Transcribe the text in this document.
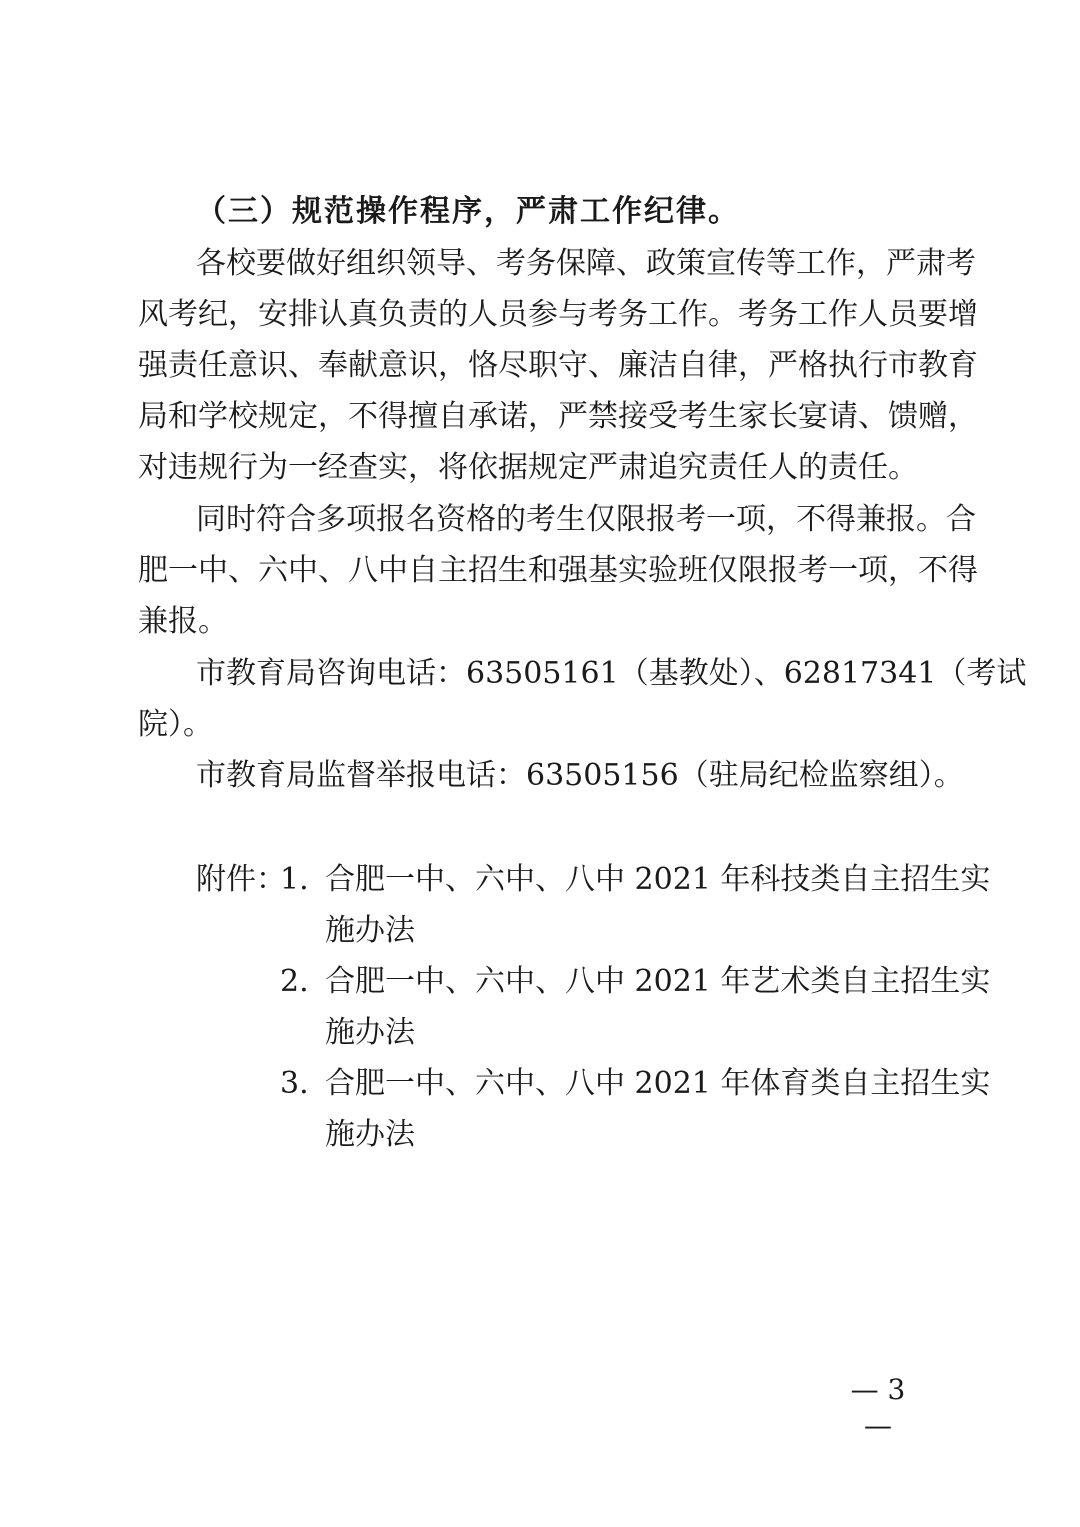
（三）规范操作程序，严肃工作纪律。
各校要做好组织领导、考务保障、政策宣传等工作，严肃考
风考纪，安排认真负责的人员参与考务工作。考务工作人员要增
强责任意识、奉献意识，恪尽职守、廉洁自律，严格执行市教育
局和学校规定，不得擅自承诺，严禁接受考生家长宴请、馈赠，
对违规行为一经查实，将依据规定严肃追究责任人的责任。
同时符合多项报名资格的考生仅限报考一项，不得兼报。合
肥一中、六中、八中自主招生和强基实验班仅限报考一项，不得
兼报。
市教育局咨询电话：63505161（基教处）、62817341（考试
院）。
市教育局监督举报电话：63505156（驻局纪检监察组）。
附件：
1. 合肥一中、六中、八中 2021 年科技类自主招生实
施办法
2. 合肥一中、六中、八中 2021 年艺术类自主招生实
施办法
3. 合肥一中、六中、八中 2021 年体育类自主招生实
施办法
— 3 —
